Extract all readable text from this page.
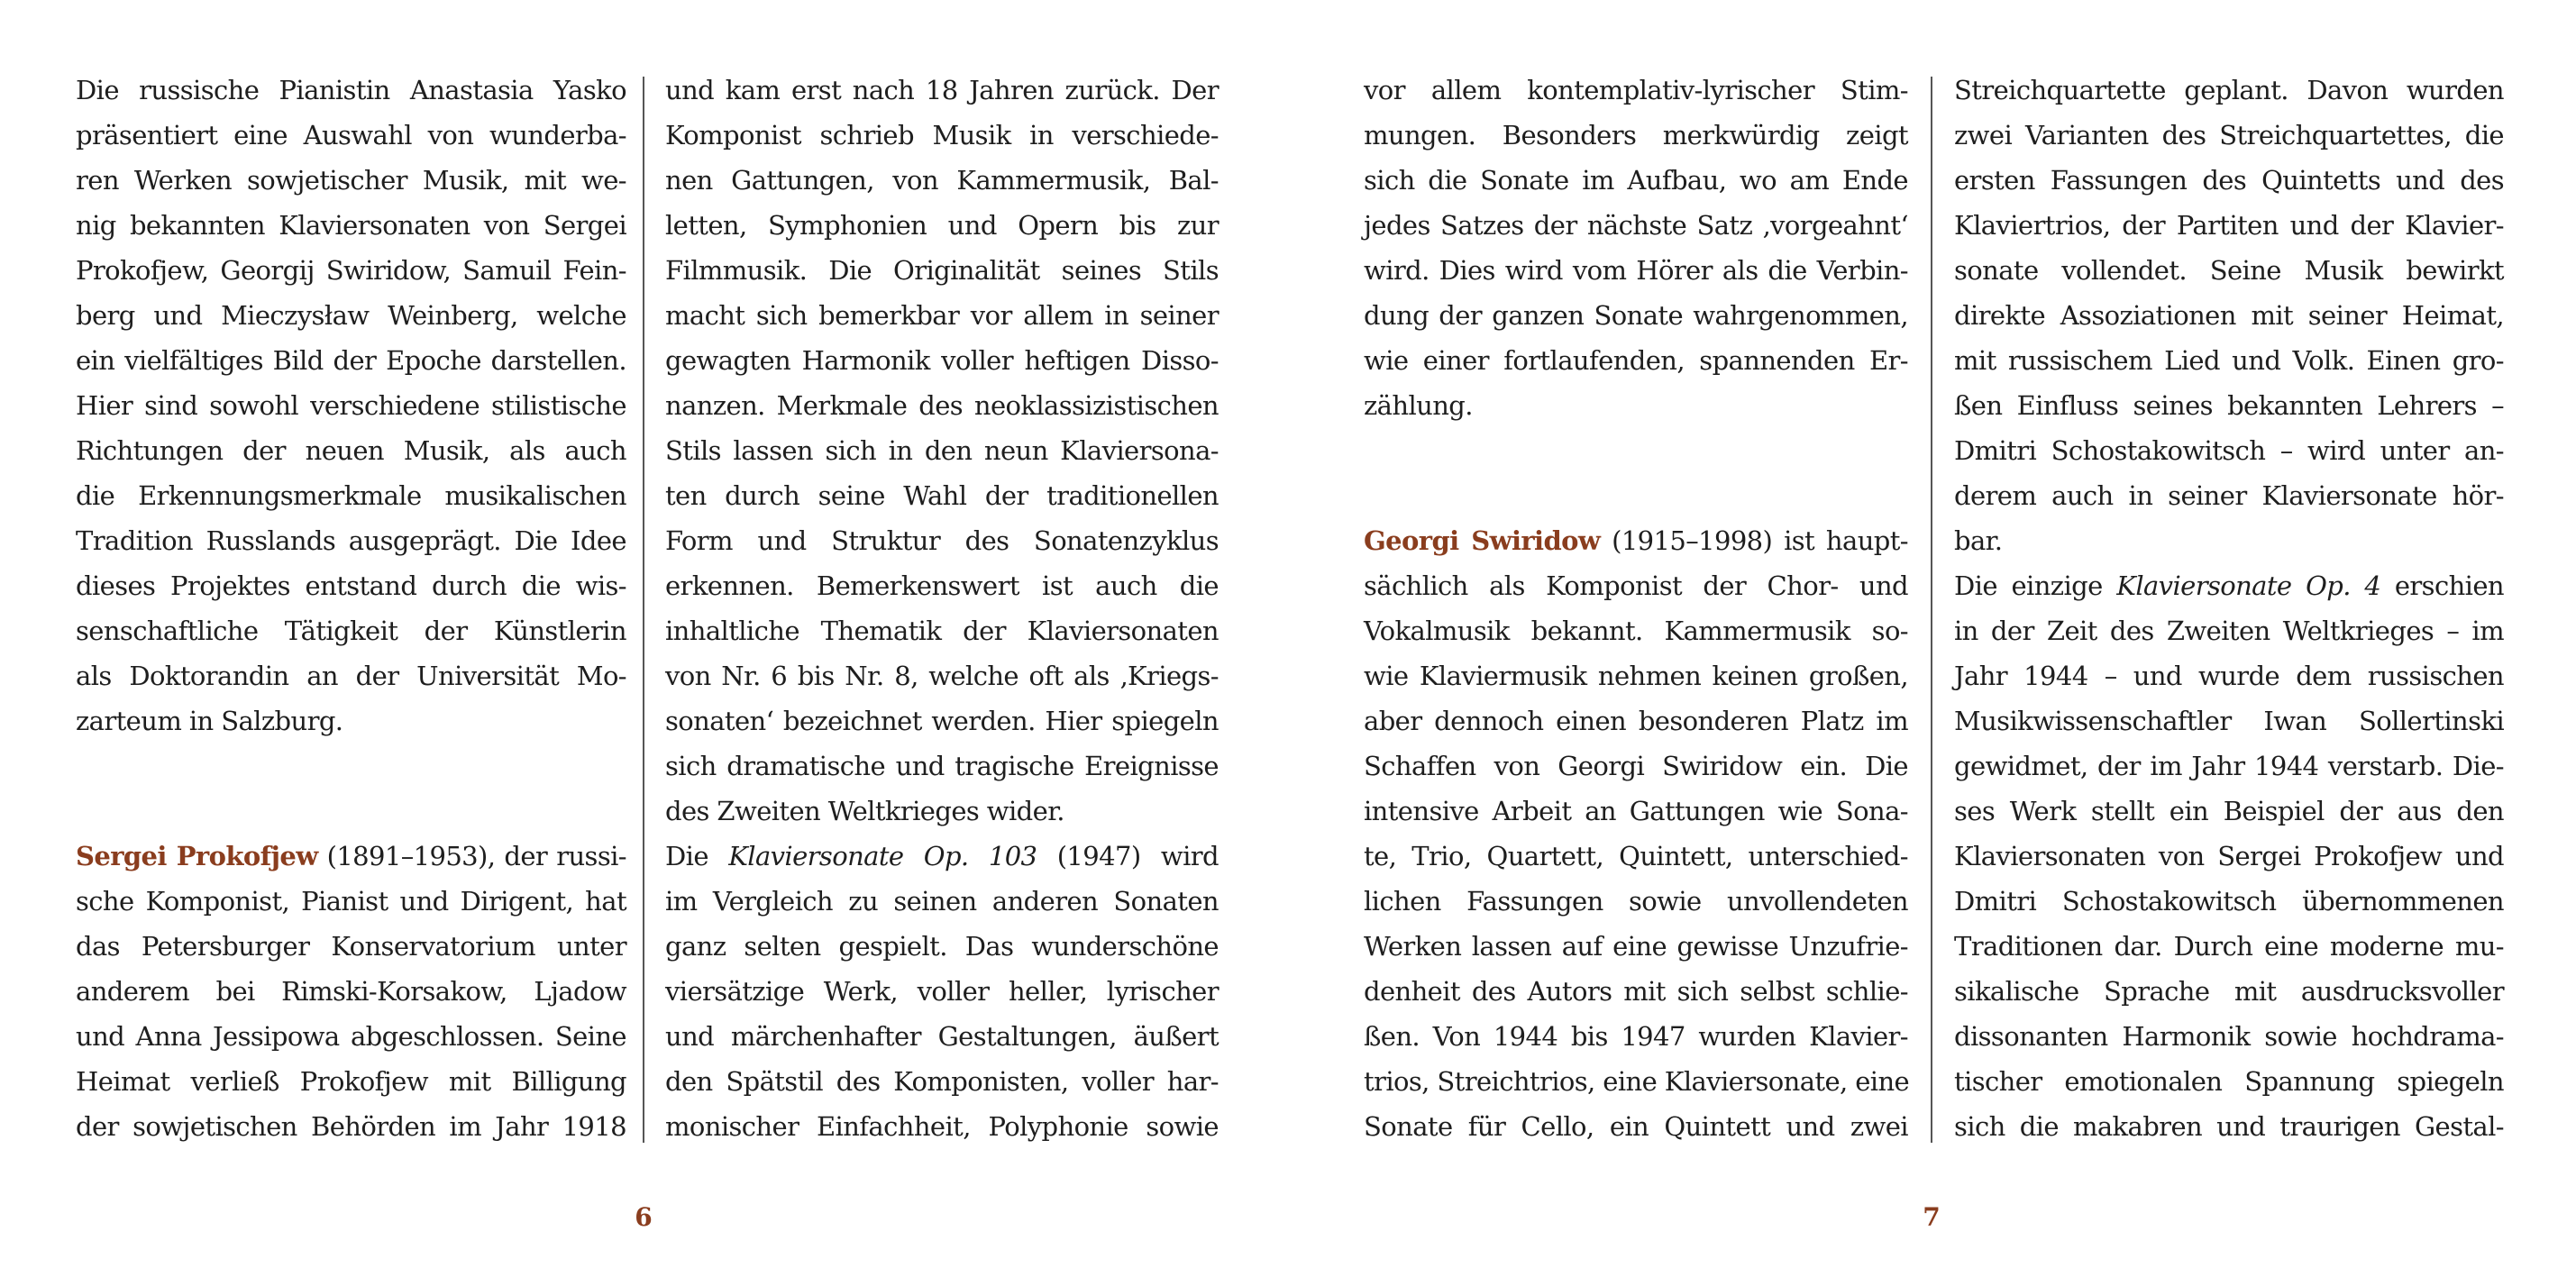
Die russische Pianistin Anastasia Yasko
präsentiert eine Auswahl von wunderba-
ren Werken sowjetischer Musik, mit we-
nig bekannten Klaviersonaten von Sergei
Prokofjew, Georgij Swiridow, Samuil Fein-
berg und Mieczysław Weinberg, welche
ein vielfältiges Bild der Epoche darstellen.
Hier sind sowohl verschiedene stilistische
Richtungen der neuen Musik, als auch
die Erkennungsmerkmale musikalischen
Tradition Russlands ausgeprägt. Die Idee
dieses Projektes entstand durch die wis-
senschaftliche Tätigkeit der Künstlerin
als Doktorandin an der Universität Mo-
zarteum in Salzburg.
Sergei Prokofjew (1891–1953), der russi-
sche Komponist, Pianist und Dirigent, hat
das Petersburger Konservatorium unter
anderem bei Rimski-Korsakow, Ljadow
und Anna Jessipowa abgeschlossen. Seine
Heimat verließ Prokofjew mit Billigung
der sowjetischen Behörden im Jahr 1918
und kam erst nach 18 Jahren zurück. Der
Komponist schrieb Musik in verschiede-
nen Gattungen, von Kammermusik, Bal-
letten, Symphonien und Opern bis zur
Filmmusik. Die Originalität seines Stils
macht sich bemerkbar vor allem in seiner
gewagten Harmonik voller heftigen Disso-
nanzen. Merkmale des neoklassizistischen
Stils lassen sich in den neun Klaviersona-
ten durch seine Wahl der traditionellen
Form und Struktur des Sonatenzyklus
erkennen. Bemerkenswert ist auch die
inhaltliche Thematik der Klaviersonaten
von Nr. 6 bis Nr. 8, welche oft als ‚Kriegs-
sonaten‘ bezeichnet werden. Hier spiegeln
sich dramatische und tragische Ereignisse
des Zweiten Weltkrieges wider.
Die Klaviersonate Op. 103 (1947) wird
im Vergleich zu seinen anderen Sonaten
ganz selten gespielt. Das wunderschöne
viersätzige Werk, voller heller, lyrischer
und märchenhafter Gestaltungen, äußert
den Spätstil des Komponisten, voller har-
monischer Einfachheit, Polyphonie sowie
6
vor allem kontemplativ-lyrischer Stim-
mungen. Besonders merkwürdig zeigt
sich die Sonate im Aufbau, wo am Ende
jedes Satzes der nächste Satz ‚vorgeahnt‘
wird. Dies wird vom Hörer als die Verbin-
dung der ganzen Sonate wahrgenommen,
wie einer fortlaufenden, spannenden Er-
zählung.
Georgi Swiridow (1915–1998) ist haupt-
sächlich als Komponist der Chor- und
Vokalmusik bekannt. Kammermusik so-
wie Klaviermusik nehmen keinen großen,
aber dennoch einen besonderen Platz im
Schaffen von Georgi Swiridow ein. Die
intensive Arbeit an Gattungen wie Sona-
te, Trio, Quartett, Quintett, unterschied-
lichen Fassungen sowie unvollendeten
Werken lassen auf eine gewisse Unzufrie-
denheit des Autors mit sich selbst schlie-
ßen. Von 1944 bis 1947 wurden Klavier-
trios, Streichtrios, eine Klaviersonate, eine
Sonate für Cello, ein Quintett und zwei
Streichquartette geplant. Davon wurden
zwei Varianten des Streichquartettes, die
ersten Fassungen des Quintetts und des
Klaviertrios, der Partiten und der Klavier-
sonate vollendet. Seine Musik bewirkt
direkte Assoziationen mit seiner Heimat,
mit russischem Lied und Volk. Einen gro-
ßen Einfluss seines bekannten Lehrers –
Dmitri Schostakowitsch – wird unter an-
derem auch in seiner Klaviersonate hör-
bar.
Die einzige Klaviersonate Op. 4 erschien
in der Zeit des Zweiten Weltkrieges – im
Jahr 1944 – und wurde dem russischen
Musikwissenschaftler Iwan Sollertinski
gewidmet, der im Jahr 1944 verstarb. Die-
ses Werk stellt ein Beispiel der aus den
Klaviersonaten von Sergei Prokofjew und
Dmitri Schostakowitsch übernommenen
Traditionen dar. Durch eine moderne mu-
sikalische Sprache mit ausdrucksvoller
dissonanten Harmonik sowie hochdrama-
tischer emotionalen Spannung spiegeln
sich die makabren und traurigen Gestal-
7
